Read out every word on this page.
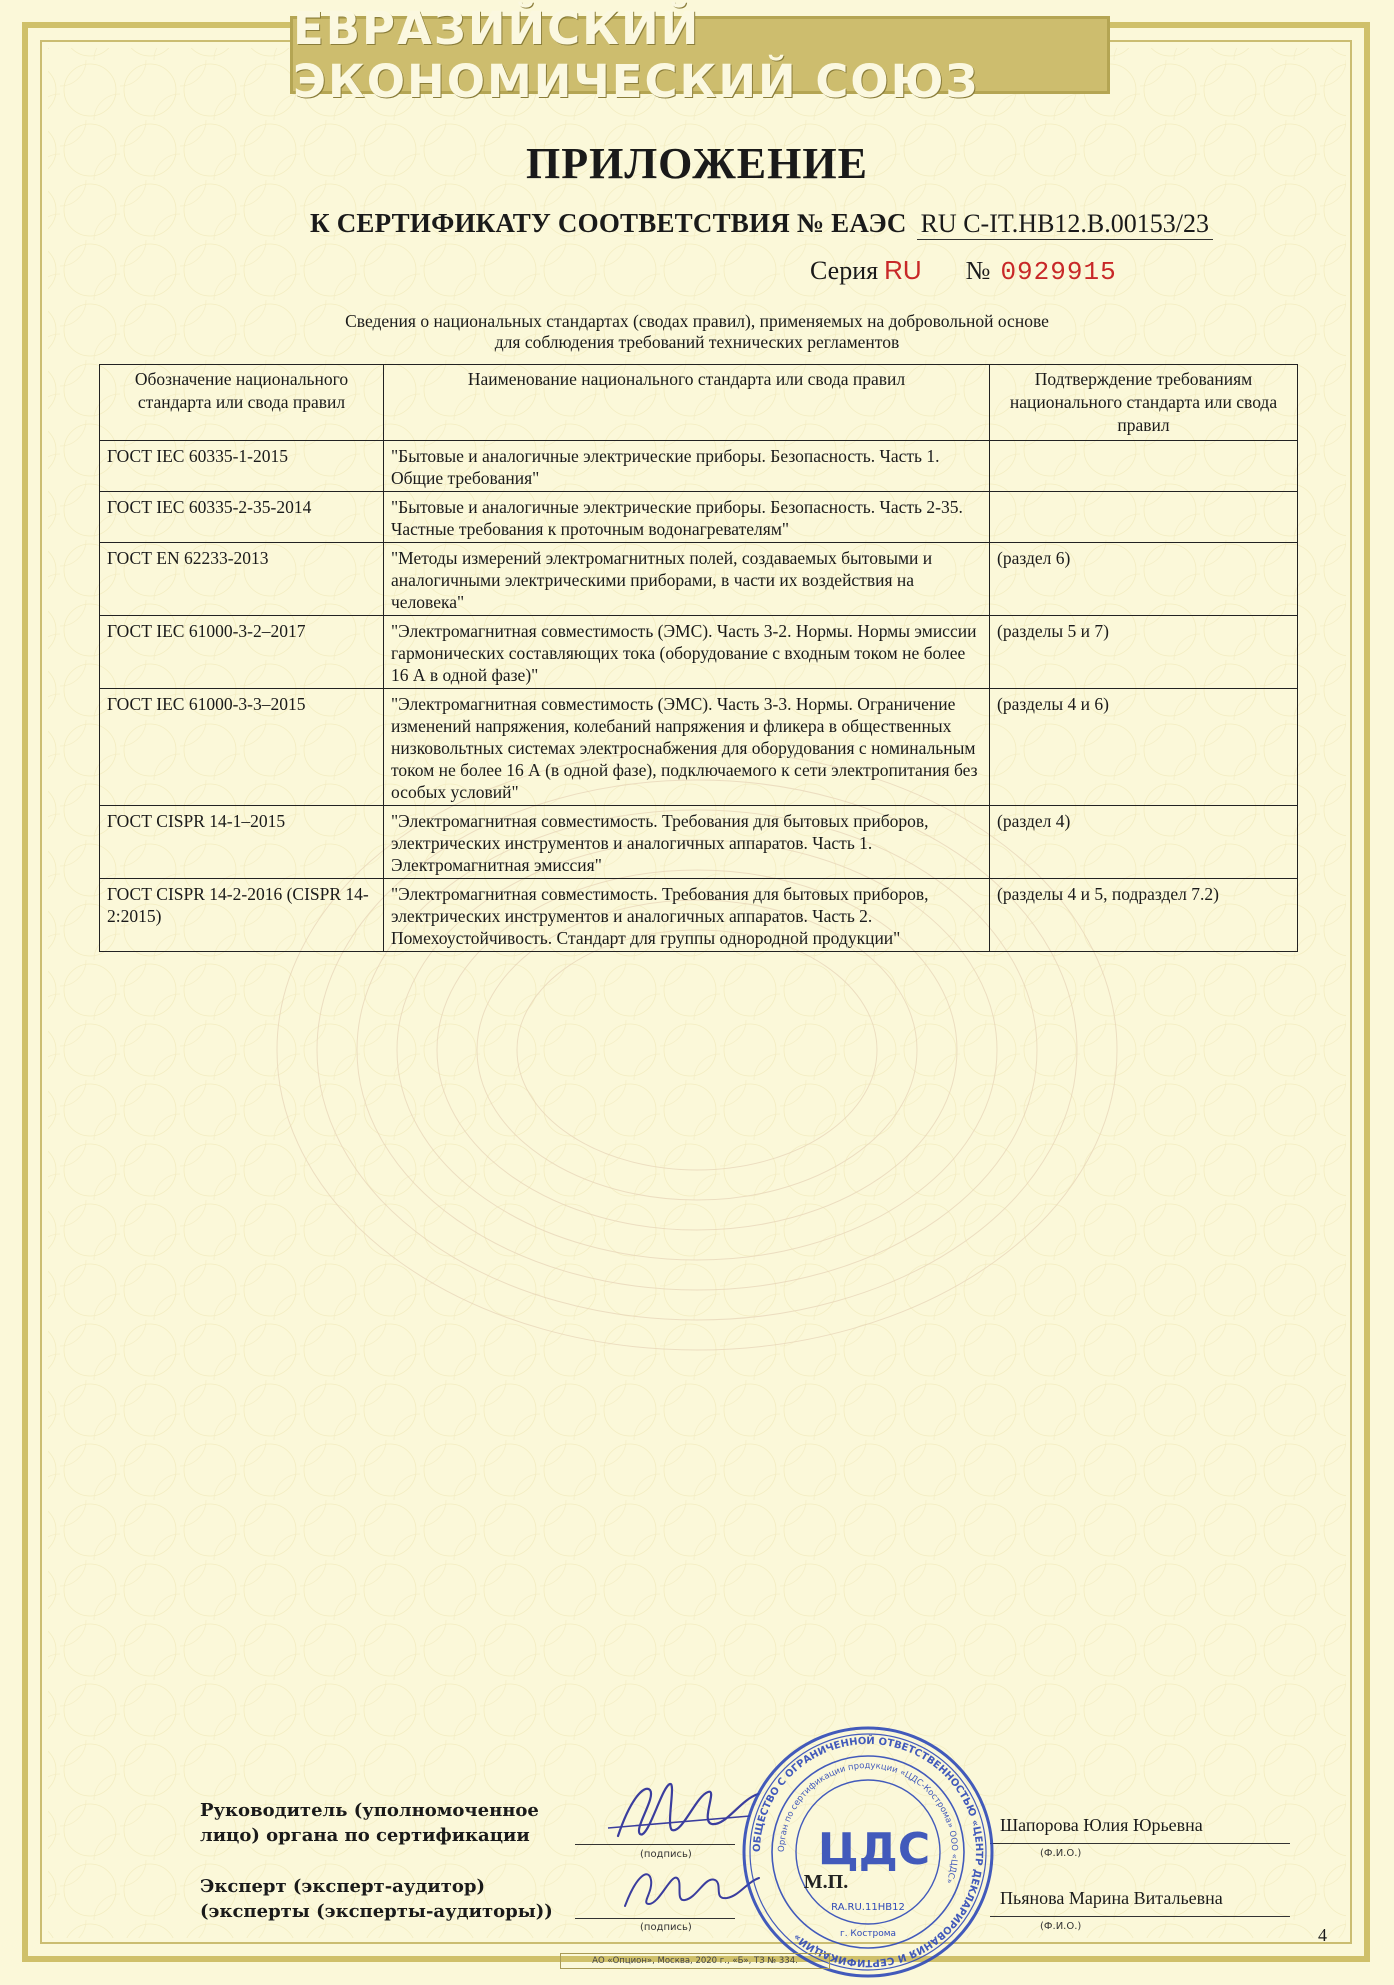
ЕВРАЗИЙСКИЙ ЭКОНОМИЧЕСКИЙ СОЮЗ
ПРИЛОЖЕНИЕ
К СЕРТИФИКАТУ СООТВЕТСТВИЯ № ЕАЭС RU C-IT.НВ12.В.00153/23
Серия RU № 0929915
Сведения о национальных стандартах (сводах правил), применяемых на добровольной основе
для соблюдения требований технических регламентов
Обозначение национального стандарта или свода правил	Наименование национального стандарта или свода правил	Подтверждение требованиям национального стандарта или свода правил
ГОСТ IEC 60335-1-2015	"Бытовые и аналогичные электрические приборы. Безопасность. Часть 1. Общие требования"	
ГОСТ IEC 60335-2-35-2014	"Бытовые и аналогичные электрические приборы. Безопасность. Часть 2-35. Частные требования к проточным водонагревателям"	
ГОСТ EN 62233-2013	"Методы измерений электромагнитных полей, создаваемых бытовыми и аналогичными электрическими приборами, в части их воздействия на человека"	(раздел 6)
ГОСТ IEC 61000-3-2–2017	"Электромагнитная совместимость (ЭМС). Часть 3-2. Нормы. Нормы эмиссии гармонических составляющих тока (оборудование с входным током не более 16 А в одной фазе)"	(разделы 5 и 7)
ГОСТ IEC 61000-3-3–2015	"Электромагнитная совместимость (ЭМС). Часть 3-3. Нормы. Ограничение изменений напряжения, колебаний напряжения и фликера в общественных низковольтных системах электроснабжения для оборудования с номинальным током не более 16 А (в одной фазе), подключаемого к сети электропитания без особых условий"	(разделы 4 и 6)
ГОСТ CISPR 14-1–2015	"Электромагнитная совместимость. Требования для бытовых приборов, электрических инструментов и аналогичных аппаратов. Часть 1. Электромагнитная эмиссия"	(раздел 4)
ГОСТ CISPR 14-2-2016 (CISPR 14-2:2015)	"Электромагнитная совместимость. Требования для бытовых приборов, электрических инструментов и аналогичных аппаратов. Часть 2. Помехоустойчивость. Стандарт для группы однородной продукции"	(разделы 4 и 5, подраздел 7.2)
Руководитель (уполномоченное
лицо) органа по сертификации
(подпись)
Шапорова Юлия Юрьевна
(Ф.И.О.)
Эксперт (эксперт-аудитор)
(эксперты (эксперты-аудиторы))
(подпись)
Пьянова Марина Витальевна
(Ф.И.О.)
ОБЩЕСТВО С ОГРАНИЧЕННОЙ ОТВЕТСТВЕННОСТЬЮ «ЦЕНТР ДЕКЛАРИРОВАНИЯ И СЕРТИФИКАЦИИ»
Орган по сертификации продукции «ЦДС-Кострома» ООО «ЦДС»
ЦДС
М.П.
RA.RU.11НВ12
г. Кострома	4
АО «Опцион», Москва, 2020 г., «Б», ТЗ № 334.
